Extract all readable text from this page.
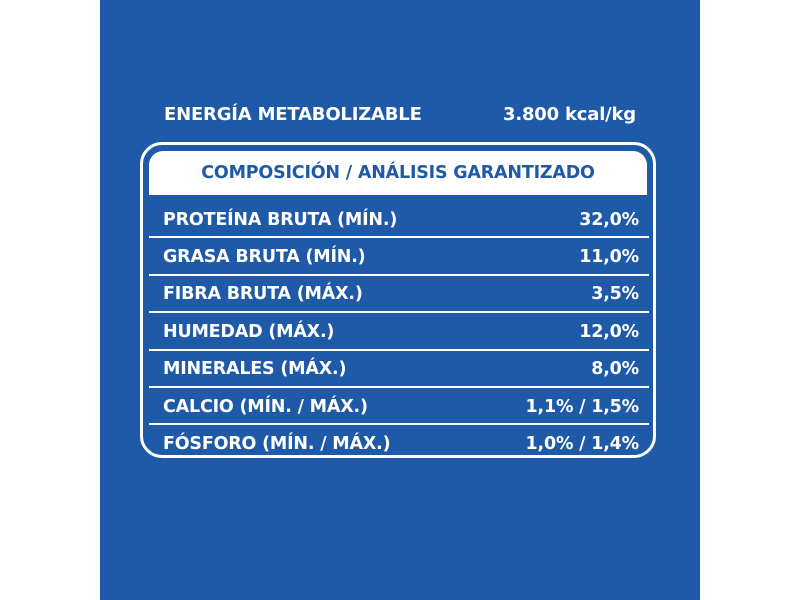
ENERGÍA METABOLIZABLE	3.800 kcal/kg
COMPOSICIÓN / ANÁLISIS GARANTIZADO
PROTEÍNA BRUTA (MÍN.)	32,0%
GRASA BRUTA (MÍN.)	11,0%
FIBRA BRUTA (MÁX.)	3,5%
HUMEDAD (MÁX.)	12,0%
MINERALES (MÁX.)	8,0%
CALCIO (MÍN. / MÁX.)	1,1% / 1,5%
FÓSFORO (MÍN. / MÁX.)	1,0% / 1,4%
